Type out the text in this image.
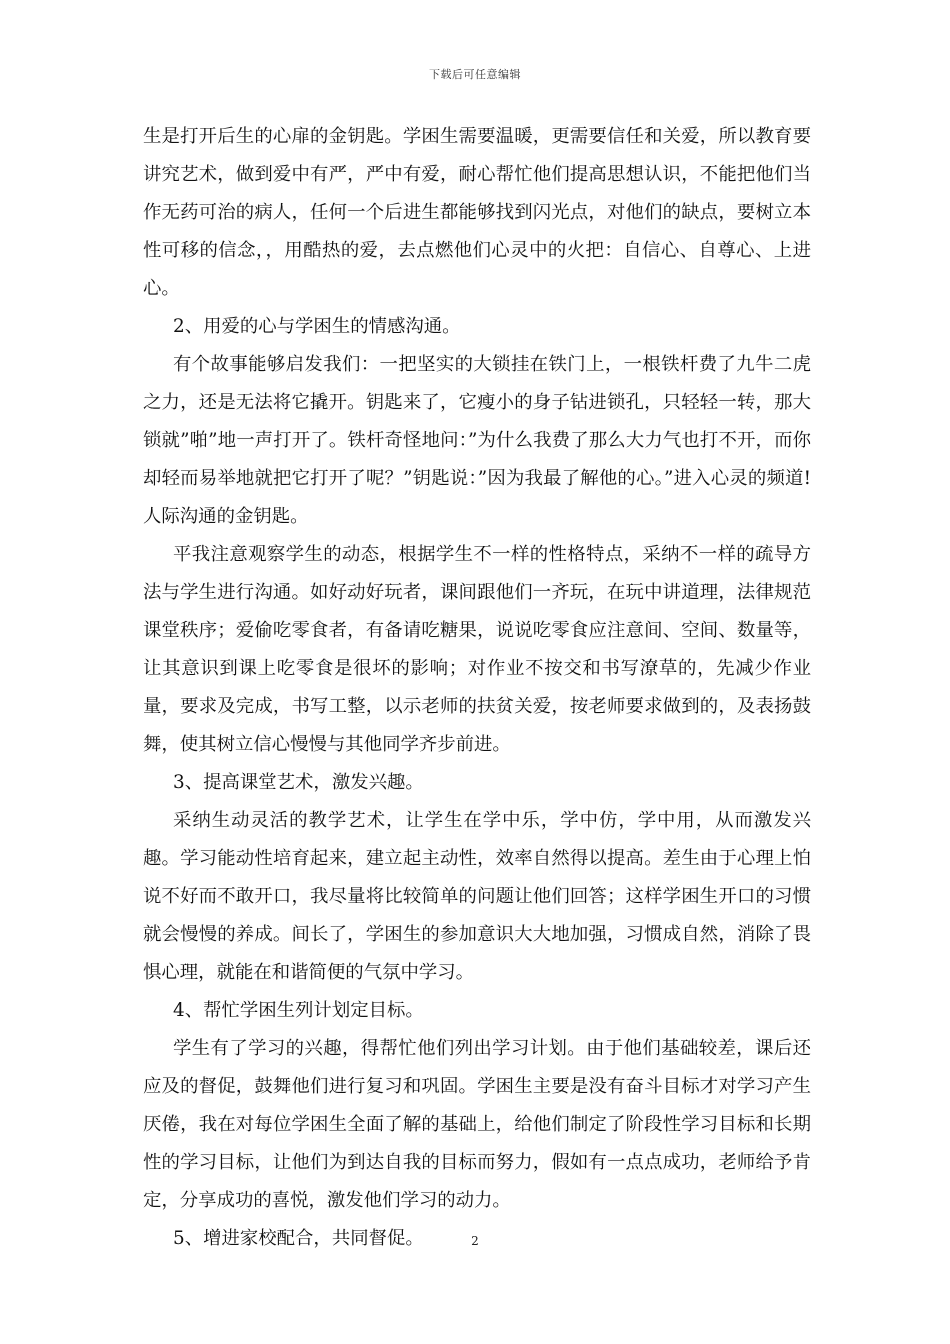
下载后可任意编辑

生是打开后生的心扉的金钥匙。学困生需要温暖，更需要信任和关爱，所以教育要讲究艺术，做到爱中有严，严中有爱，耐心帮忙他们提高思想认识，不能把他们当作无药可治的病人，任何一个后进生都能够找到闪光点，对他们的缺点，要树立本性可移的信念，，用酷热的爱，去点燃他们心灵中的火把：自信心、自尊心、上进心。

2、用爱的心与学困生的情感沟通。

有个故事能够启发我们：一把坚实的大锁挂在铁门上，一根铁杆费了九牛二虎之力，还是无法将它撬开。钥匙来了，它瘦小的身子钻进锁孔，只轻轻一转，那大锁就”啪”地一声打开了。铁杆奇怪地问：”为什么我费了那么大力气也打不开，而你却轻而易举地就把它打开了呢？”钥匙说：”因为我最了解他的心。”进入心灵的频道!人际沟通的金钥匙。

平我注意观察学生的动态，根据学生不一样的性格特点，采纳不一样的疏导方法与学生进行沟通。如好动好玩者，课间跟他们一齐玩，在玩中讲道理，法律规范课堂秩序；爱偷吃零食者，有备请吃糖果，说说吃零食应注意间、空间、数量等，让其意识到课上吃零食是很坏的影响；对作业不按交和书写潦草的，先减少作业量，要求及完成，书写工整，以示老师的扶贫关爱，按老师要求做到的，及表扬鼓舞，使其树立信心慢慢与其他同学齐步前进。

3、提高课堂艺术，激发兴趣。

采纳生动灵活的教学艺术，让学生在学中乐，学中仿，学中用，从而激发兴趣。学习能动性培育起来，建立起主动性，效率自然得以提高。差生由于心理上怕说不好而不敢开口，我尽量将比较简单的问题让他们回答；这样学困生开口的习惯就会慢慢的养成。间长了，学困生的参加意识大大地加强，习惯成自然，消除了畏惧心理，就能在和谐简便的气氛中学习。

4、帮忙学困生列计划定目标。

学生有了学习的兴趣，得帮忙他们列出学习计划。由于他们基础较差，课后还应及的督促，鼓舞他们进行复习和巩固。学困生主要是没有奋斗目标才对学习产生厌倦，我在对每位学困生全面了解的基础上，给他们制定了阶段性学习目标和长期性的学习目标，让他们为到达自我的目标而努力，假如有一点点成功，老师给予肯定，分享成功的喜悦，激发他们学习的动力。

5、增进家校配合，共同督促。	2
